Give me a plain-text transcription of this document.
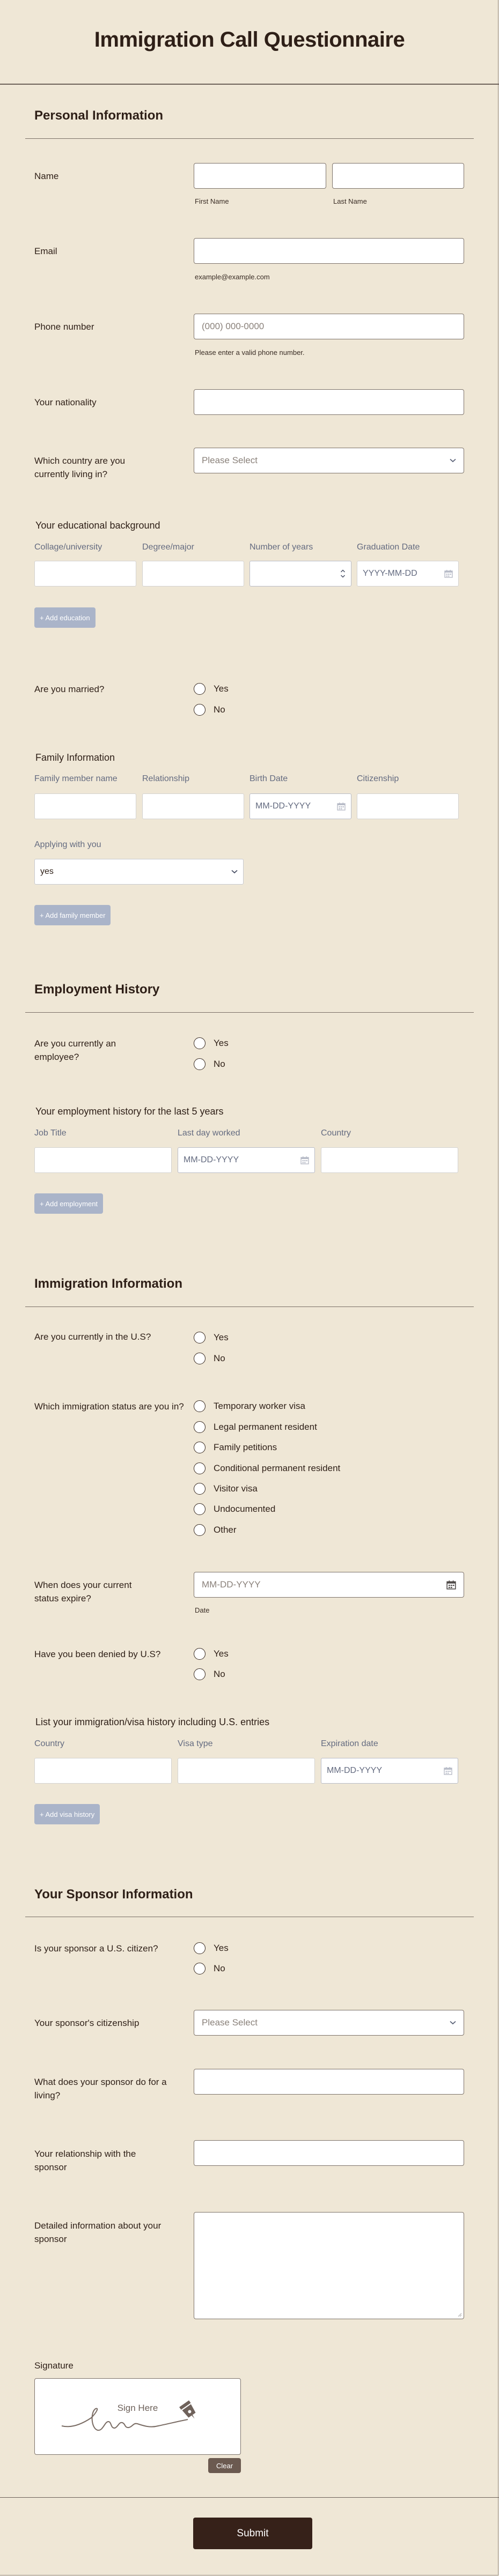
Immigration Call Questionnaire
Personal Information
Name
First Name	Last Name
Email
example@example.com
Phone number	(000) 000-0000
Please enter a valid phone number.
Your nationality
Which country are you currently living in?
Please Select
Your educational background
Collage/university	Degree/major	Number of years	Graduation Date
YYYY-MM-DD
+ Add education
Are you married?	Yes
No
Family Information
Family member name	Relationship	Birth Date	Citizenship
MM-DD-YYYY
Applying with you
yes
+ Add family member
Employment History
Are you currently an employee?
Yes
No
Your employment history for the last 5 years
Job Title	Last day worked	Country
MM-DD-YYYY
+ Add employment
Immigration Information
Are you currently in the U.S?	Yes
No
Which immigration status are you in?	Temporary worker visa
Legal permanent resident
Family petitions
Conditional permanent resident
Visitor visa
Undocumented
Other
When does your current status expire?
MM-DD-YYYY
Date
Have you been denied by U.S?	Yes
No
List your immigration/visa history including U.S. entries
Country	Visa type	Expiration date
MM-DD-YYYY
+ Add visa history
Your Sponsor Information
Is your sponsor a U.S. citizen?	Yes
No
Your sponsor's citizenship	Please Select
What does your sponsor do for a living?
Your relationship with the sponsor
Detailed information about your sponsor
Signature
Sign Here
Clear
Submit
